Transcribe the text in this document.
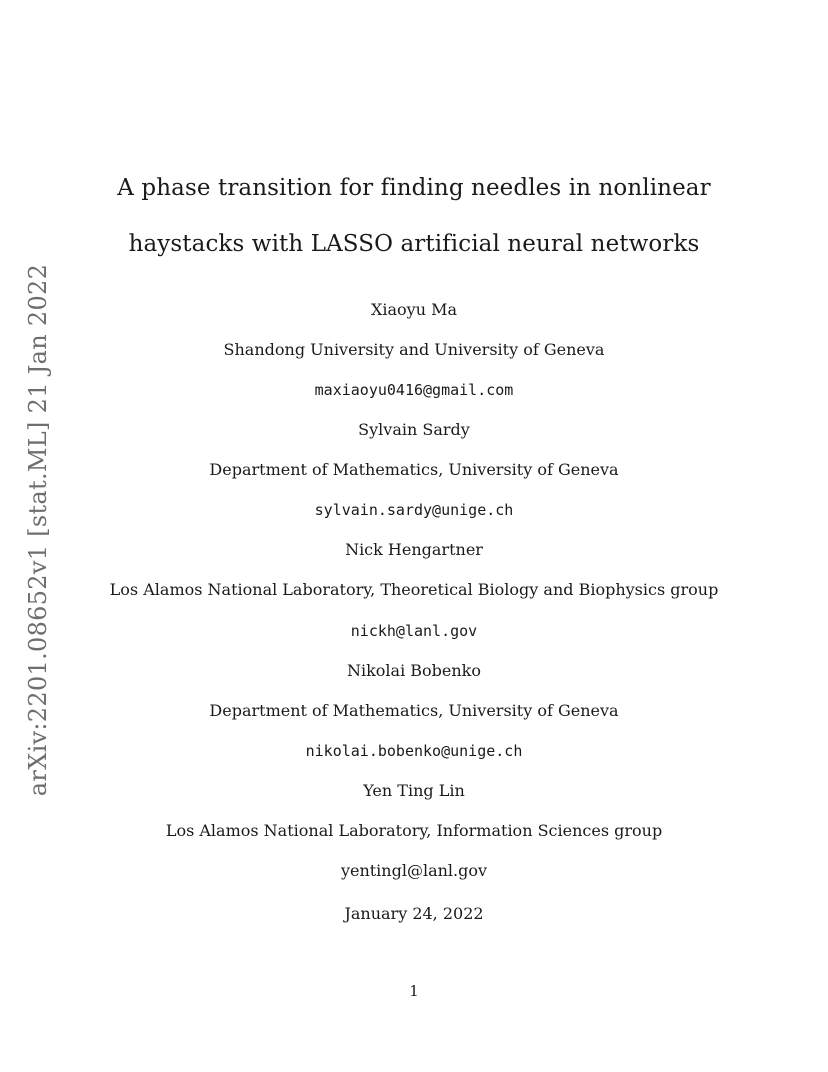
arXiv:2201.08652v1 [stat.ML] 21 Jan 2022
A phase transition for finding needles in nonlinear
haystacks with LASSO artificial neural networks
Xiaoyu Ma
Shandong University and University of Geneva
maxiaoyu0416@gmail.com
Sylvain Sardy
Department of Mathematics, University of Geneva
sylvain.sardy@unige.ch
Nick Hengartner
Los Alamos National Laboratory, Theoretical Biology and Biophysics group
nickh@lanl.gov
Nikolai Bobenko
Department of Mathematics, University of Geneva
nikolai.bobenko@unige.ch
Yen Ting Lin
Los Alamos National Laboratory, Information Sciences group
yentingl@lanl.gov
January 24, 2022
1
